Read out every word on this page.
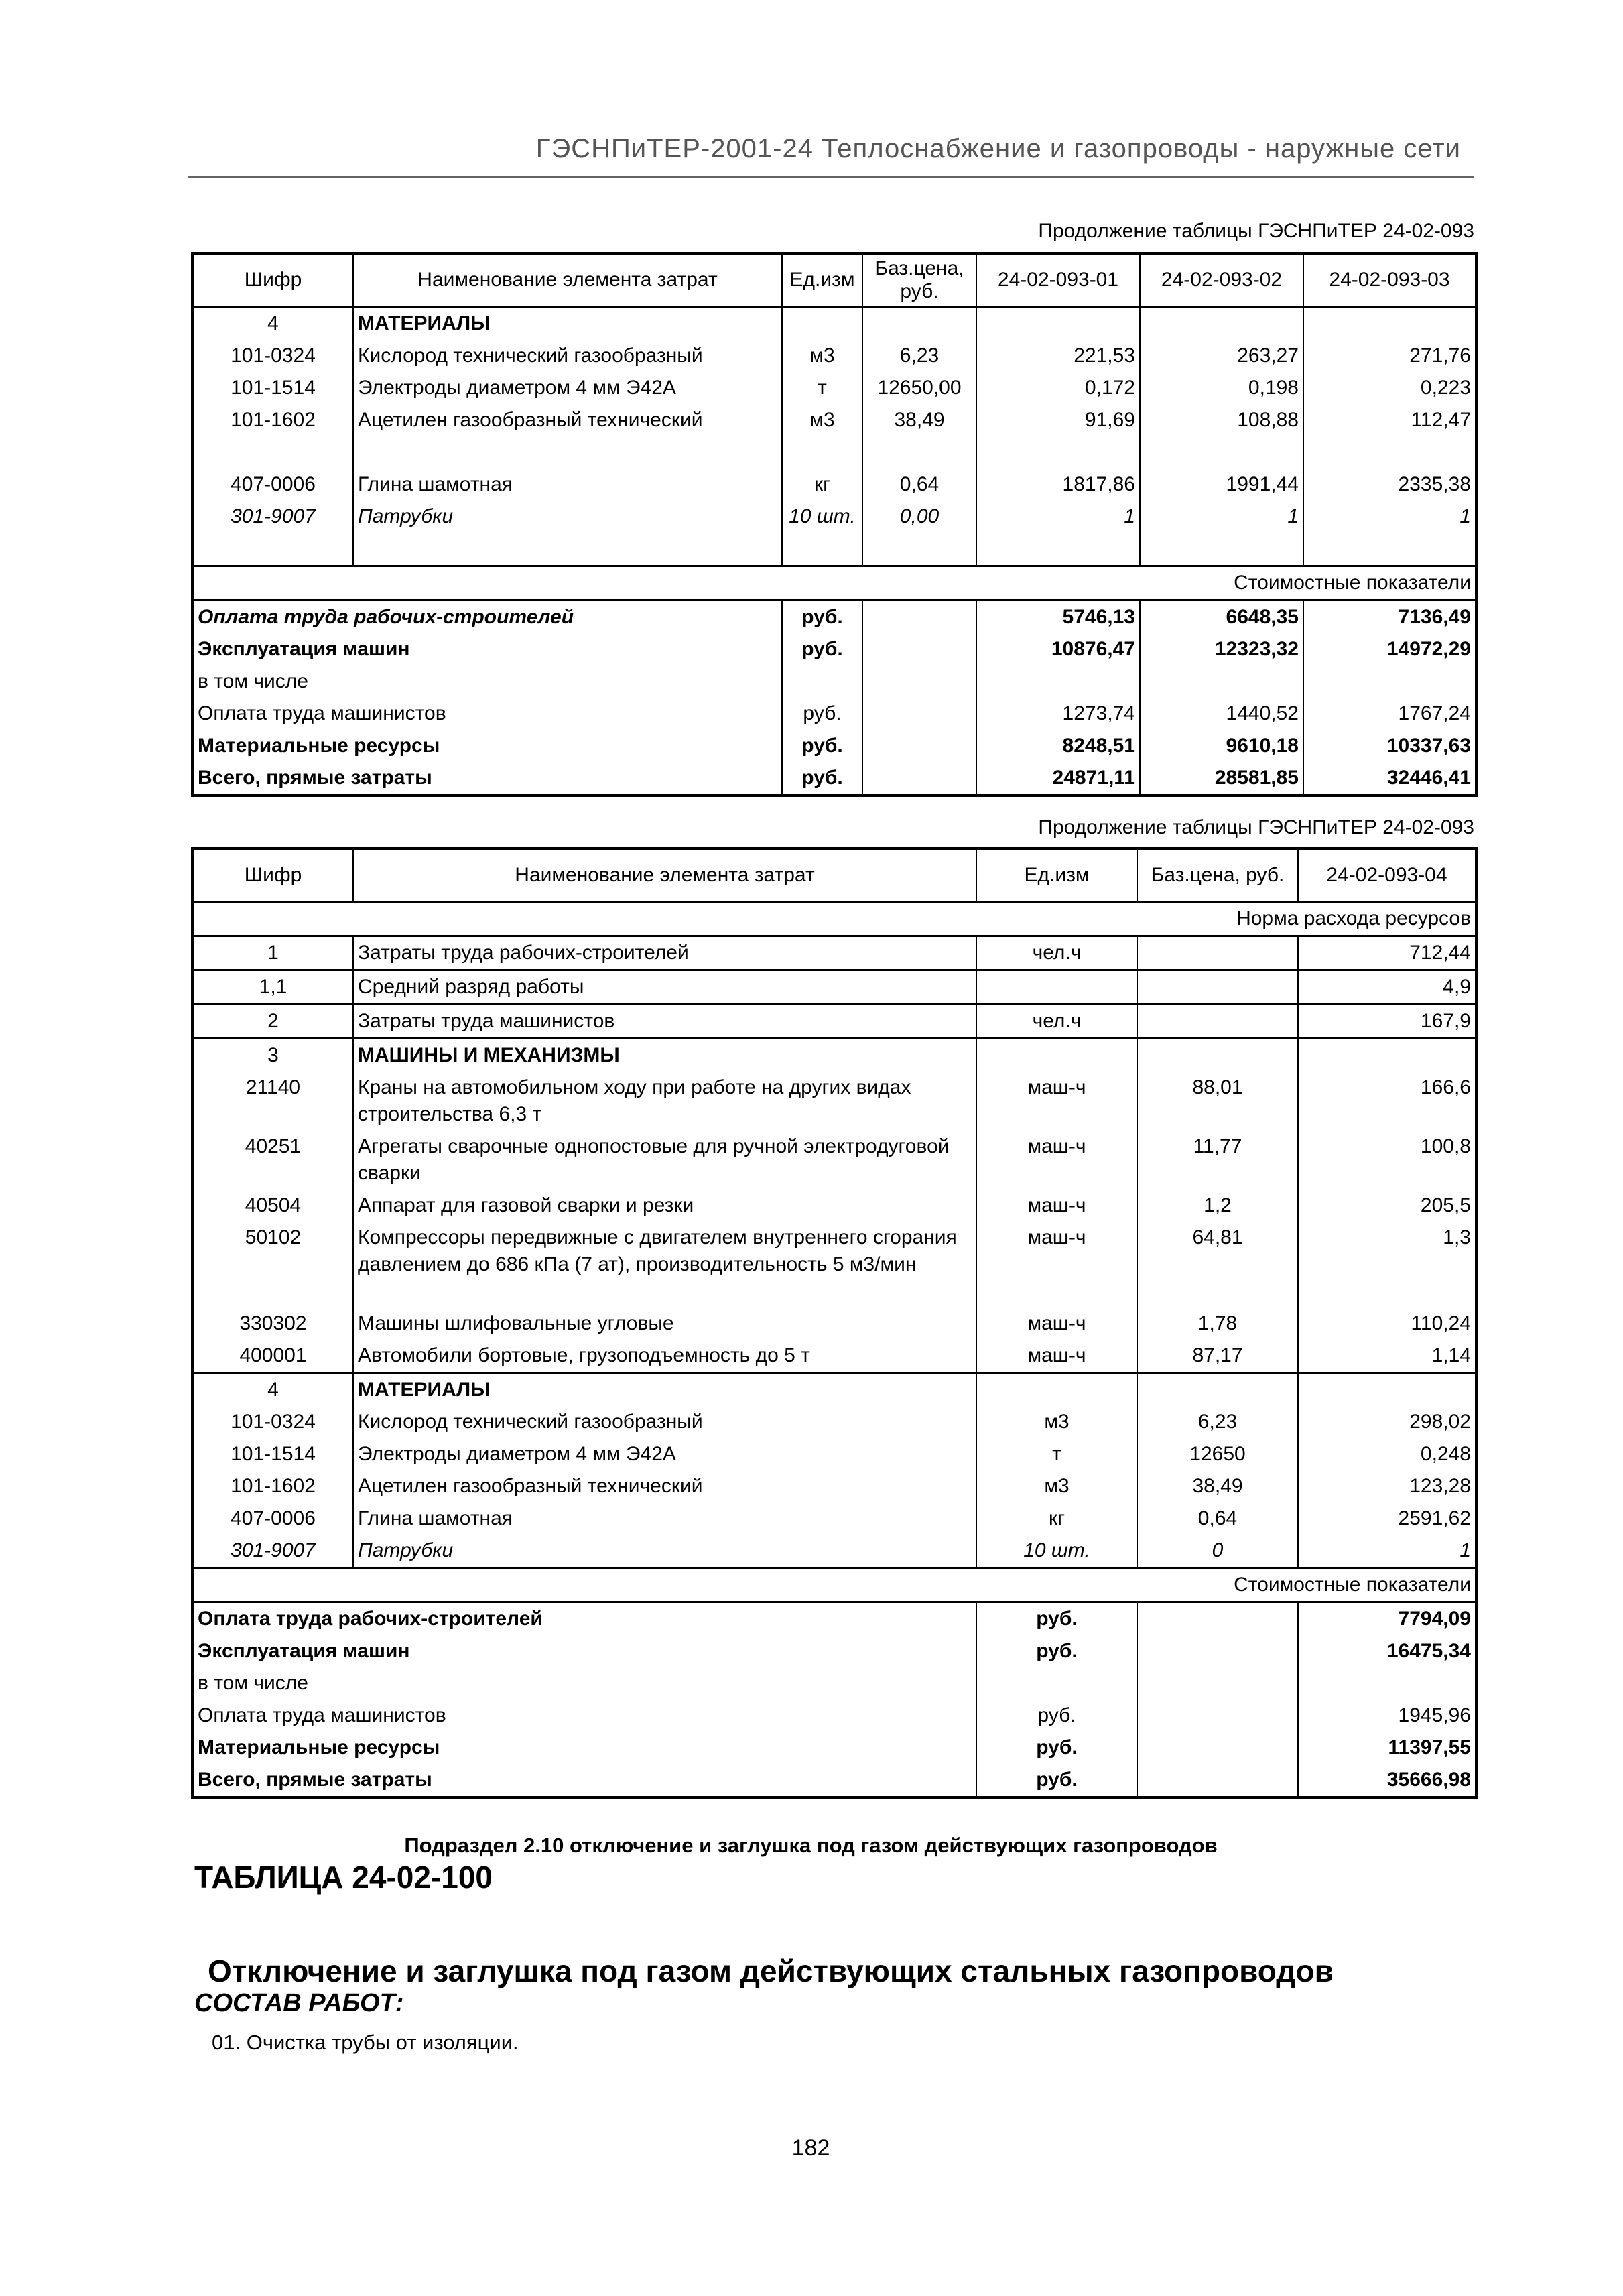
ГЭСНПиТЕР-2001-24 Теплоснабжение и газопроводы - наружные сети
Продолжение таблицы ГЭСНПиТЕР 24-02-093
Шифр	Наименование элемента затрат	Ед.изм	Баз.цена, руб.	24-02-093-01	24-02-093-02	24-02-093-03
4	МАТЕРИАЛЫ					
101-0324	Кислород технический газообразный	м3	6,23	221,53	263,27	271,76
101-1514	Электроды диаметром 4 мм Э42А	т	12650,00	0,172	0,198	0,223
101-1602	Ацетилен газообразный технический	м3	38,49	91,69	108,88	112,47

407-0006	Глина шамотная	кг	0,64	1817,86	1991,44	2335,38
301-9007	Патрубки	10 шт.	0,00	1	1	1

Стоимостные показатели						
Оплата труда рабочих-строителей		руб.		5746,13	6648,35	7136,49
Эксплуатация машин		руб.		10876,47	12323,32	14972,29
в том числе						
Оплата труда машинистов		руб.		1273,74	1440,52	1767,24
Материальные ресурсы		руб.		8248,51	9610,18	10337,63
Всего, прямые затраты		руб.		24871,11	28581,85	32446,41
Продолжение таблицы ГЭСНПиТЕР 24-02-093
Шифр	Наименование элемента затрат	Ед.изм	Баз.цена, руб.	24-02-093-04
Норма расхода ресурсов				
1	Затраты труда рабочих-строителей	чел.ч		712,44
1,1	Средний разряд работы			4,9
2	Затраты труда машинистов	чел.ч		167,9
3	МАШИНЫ И МЕХАНИЗМЫ			
21140	Краны на автомобильном ходу при работе на других видах строительства 6,3 т	маш-ч	88,01	166,6
40251	Агрегаты сварочные однопостовые для ручной электродуговой сварки	маш-ч	11,77	100,8
40504	Аппарат для газовой сварки и резки	маш-ч	1,2	205,5
50102	Компрессоры передвижные с двигателем внутреннего сгорания давлением до 686 кПа (7 ат), производительность 5 м3/мин	маш-ч	64,81	1,3
330302	Машины шлифовальные угловые	маш-ч	1,78	110,24
400001	Автомобили бортовые, грузоподъемность до 5 т	маш-ч	87,17	1,14
4	МАТЕРИАЛЫ			
101-0324	Кислород технический газообразный	м3	6,23	298,02
101-1514	Электроды диаметром 4 мм Э42А	т	12650	0,248
101-1602	Ацетилен газообразный технический	м3	38,49	123,28
407-0006	Глина шамотная	кг	0,64	2591,62
301-9007	Патрубки	10 шт.	0	1
Стоимостные показатели				
Оплата труда рабочих-строителей		руб.		7794,09
Эксплуатация машин		руб.		16475,34
в том числе				
Оплата труда машинистов		руб.		1945,96
Материальные ресурсы		руб.		11397,55
Всего, прямые затраты		руб.		35666,98
Подраздел 2.10 отключение и заглушка под газом действующих газопроводов
ТАБЛИЦА 24-02-100
Отключение и заглушка под газом действующих стальных газопроводов
СОСТАВ РАБОТ:
01. Очистка трубы от изоляции.
182
